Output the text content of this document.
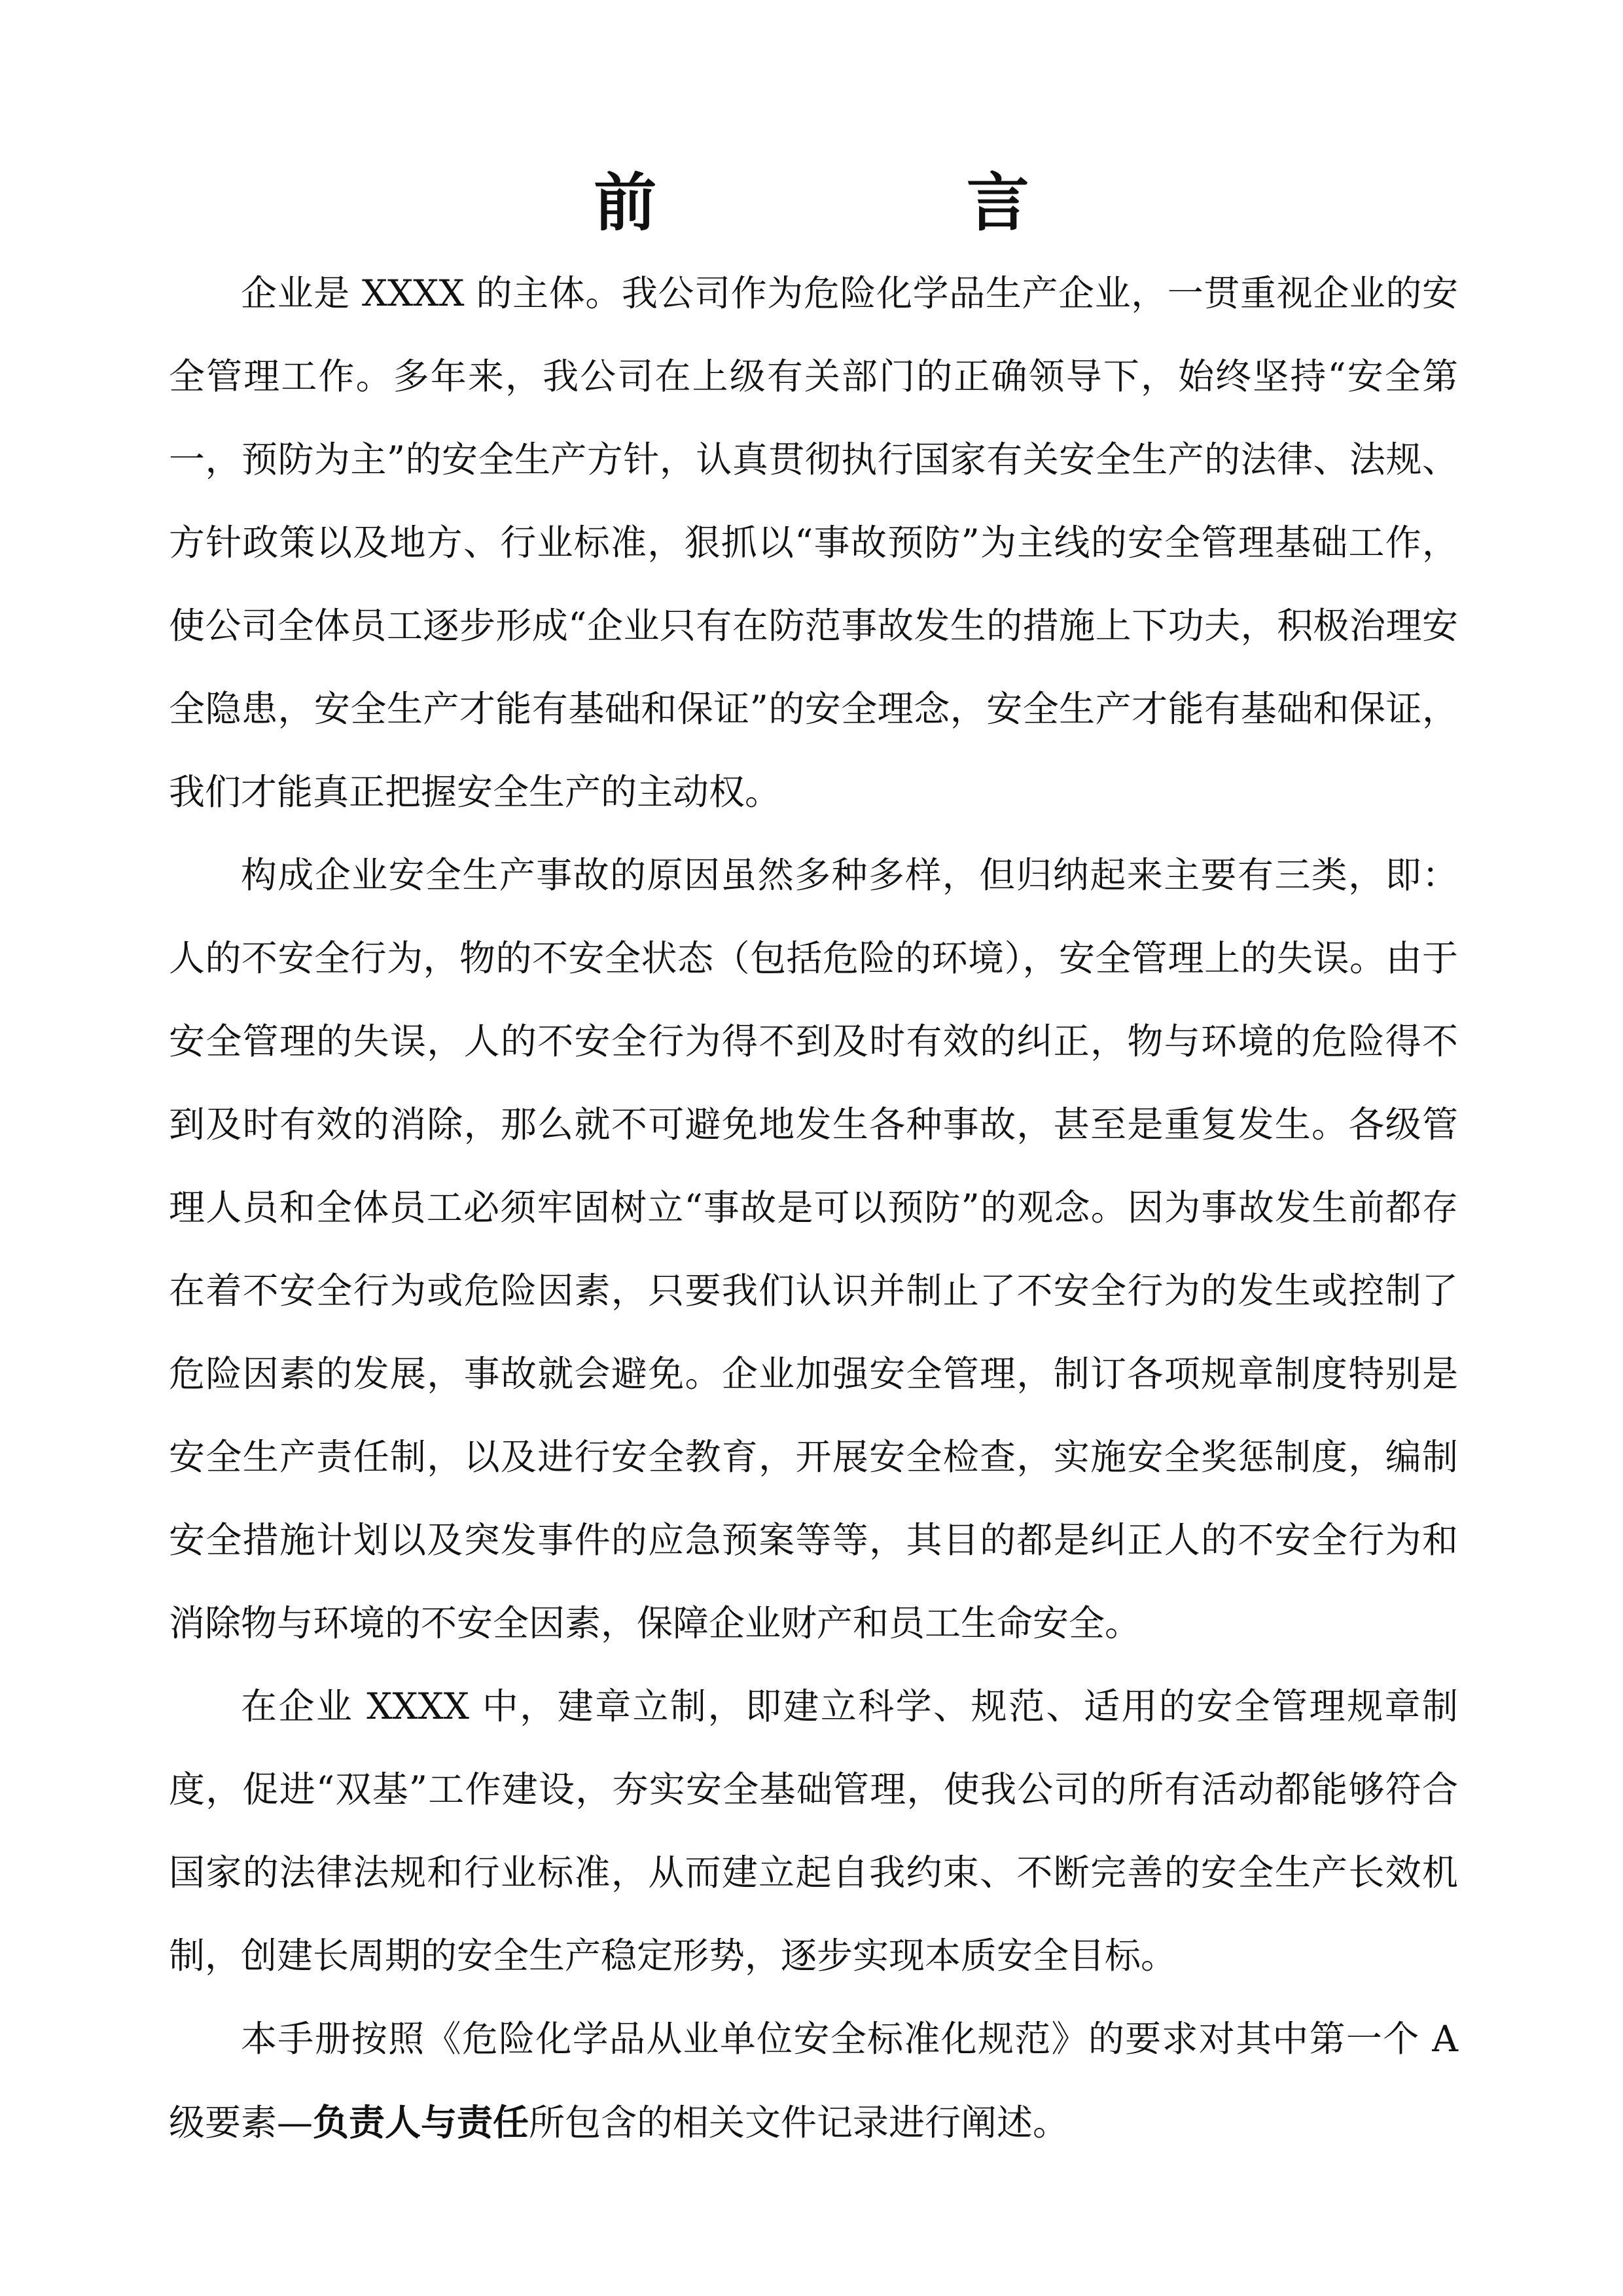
前 言

企业是 XXXX 的主体。我公司作为危险化学品生产企业，一贯重视企业的安全管理工作。多年来，我公司在上级有关部门的正确领导下，始终坚持“安全第一，预防为主”的安全生产方针，认真贯彻执行国家有关安全生产的法律、法规、方针政策以及地方、行业标准，狠抓以“事故预防”为主线的安全管理基础工作，使公司全体员工逐步形成“企业只有在防范事故发生的措施上下功夫，积极治理安全隐患，安全生产才能有基础和保证”的安全理念，安全生产才能有基础和保证，我们才能真正把握安全生产的主动权。

构成企业安全生产事故的原因虽然多种多样，但归纳起来主要有三类，即：人的不安全行为，物的不安全状态（包括危险的环境），安全管理上的失误。由于安全管理的失误，人的不安全行为得不到及时有效的纠正，物与环境的危险得不到及时有效的消除，那么就不可避免地发生各种事故，甚至是重复发生。各级管理人员和全体员工必须牢固树立“事故是可以预防”的观念。因为事故发生前都存在着不安全行为或危险因素，只要我们认识并制止了不安全行为的发生或控制了危险因素的发展，事故就会避免。企业加强安全管理，制订各项规章制度特别是安全生产责任制，以及进行安全教育，开展安全检查，实施安全奖惩制度，编制安全措施计划以及突发事件的应急预案等等，其目的都是纠正人的不安全行为和消除物与环境的不安全因素，保障企业财产和员工生命安全。

在企业 XXXX 中，建章立制，即建立科学、规范、适用的安全管理规章制度，促进“双基”工作建设，夯实安全基础管理，使我公司的所有活动都能够符合国家的法律法规和行业标准，从而建立起自我约束、不断完善的安全生产长效机制，创建长周期的安全生产稳定形势，逐步实现本质安全目标。

本手册按照《危险化学品从业单位安全标准化规范》的要求对其中第一个 A 级要素—负责人与责任所包含的相关文件记录进行阐述。
